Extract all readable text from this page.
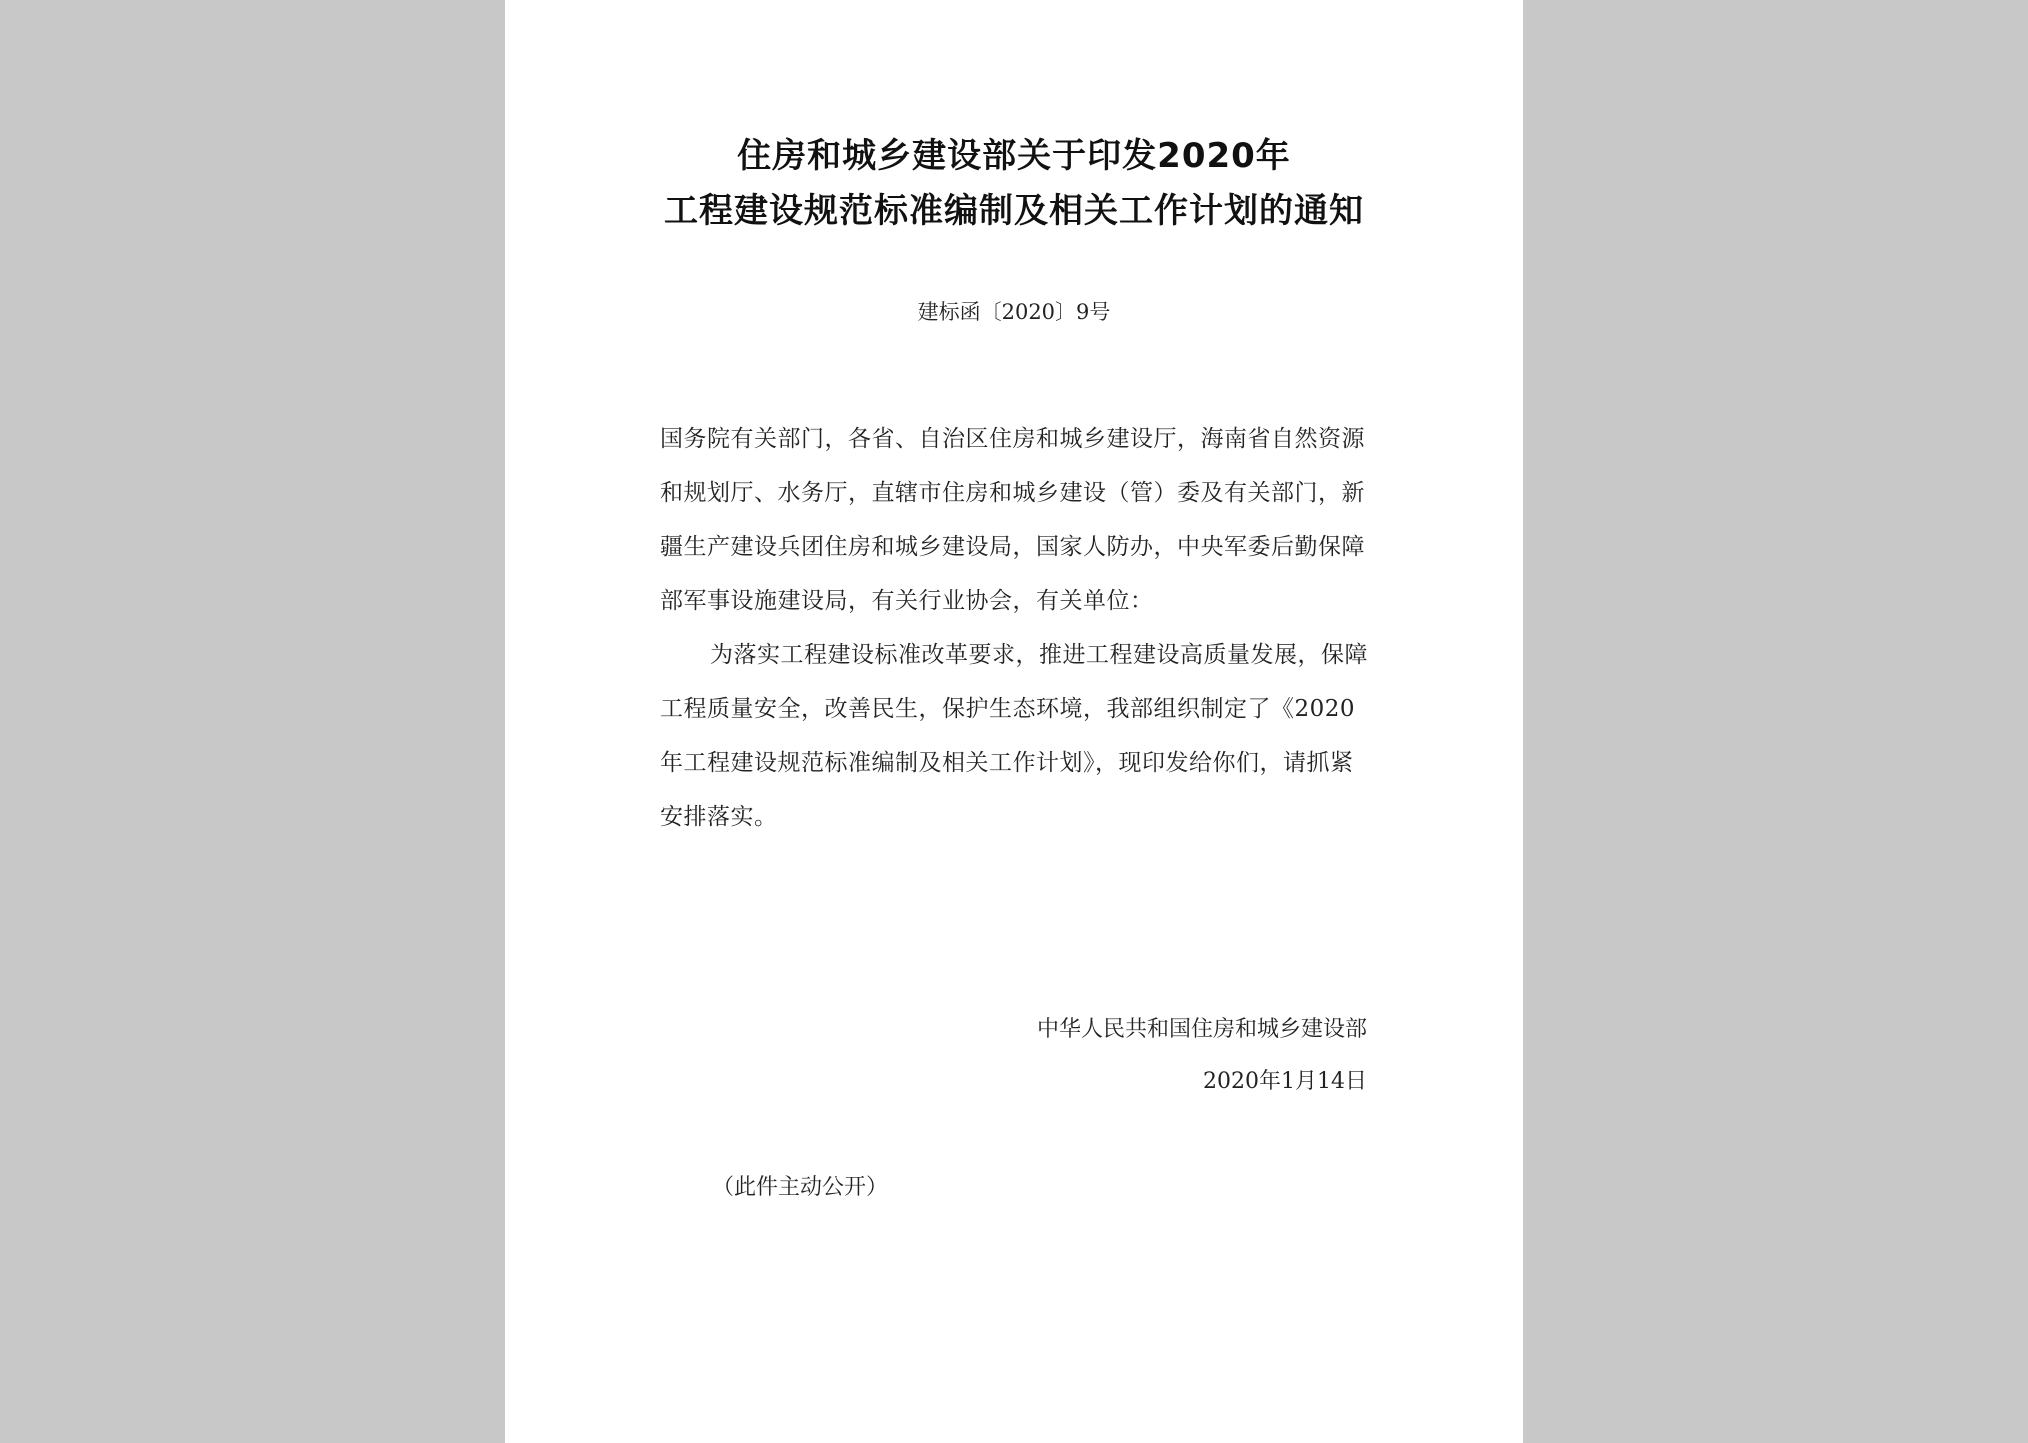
住房和城乡建设部关于印发2020年
工程建设规范标准编制及相关工作计划的通知
建标函〔2020〕9号
国务院有关部门，各省、自治区住房和城乡建设厅，海南省自然资源
和规划厅、水务厅，直辖市住房和城乡建设（管）委及有关部门，新
疆生产建设兵团住房和城乡建设局，国家人防办，中央军委后勤保障
部军事设施建设局，有关行业协会，有关单位：
为落实工程建设标准改革要求，推进工程建设高质量发展，保障
工程质量安全，改善民生，保护生态环境，我部组织制定了《2020
年工程建设规范标准编制及相关工作计划》，现印发给你们，请抓紧
安排落实。
中华人民共和国住房和城乡建设部
2020年1月14日
（此件主动公开）
